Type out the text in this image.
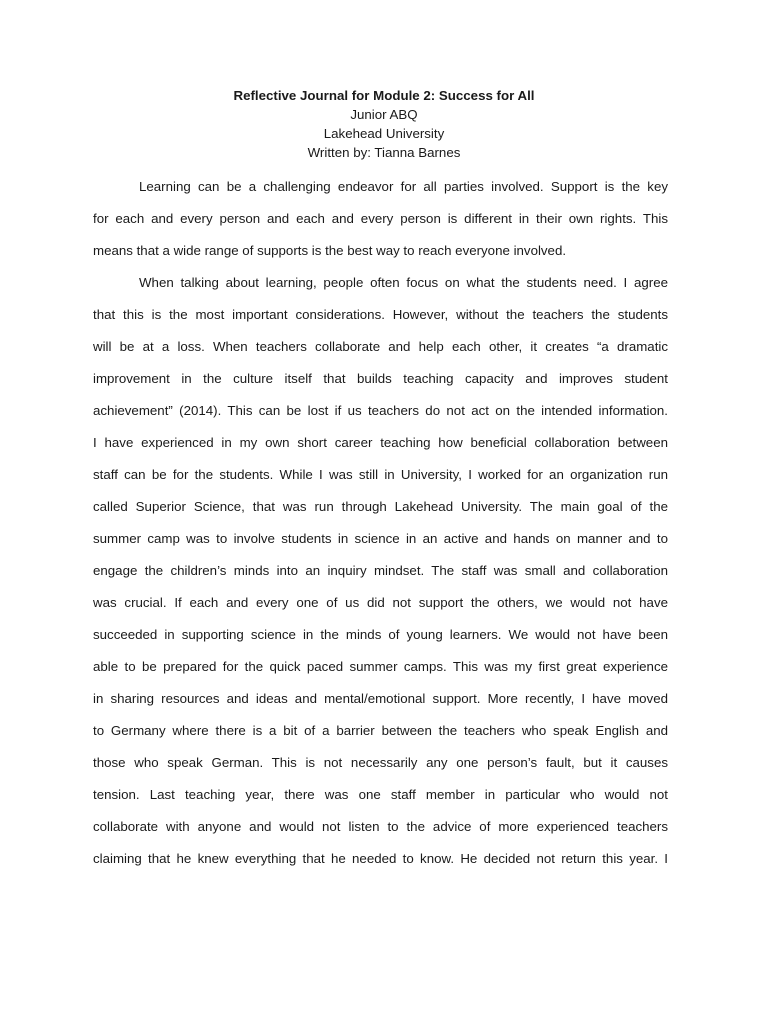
Reflective Journal for Module 2: Success for All
Junior ABQ
Lakehead University
Written by: Tianna Barnes
Learning can be a challenging endeavor for all parties involved. Support is the key
for each and every person and each and every person is different in their own rights. This
means that a wide range of supports is the best way to reach everyone involved.
When talking about learning, people often focus on what the students need. I agree
that this is the most important considerations. However, without the teachers the students
will be at a loss. When teachers collaborate and help each other, it creates “a dramatic
improvement in the culture itself that builds teaching capacity and improves student
achievement” (2014). This can be lost if us teachers do not act on the intended information.
I have experienced in my own short career teaching how beneficial collaboration between
staff can be for the students. While I was still in University, I worked for an organization run
called Superior Science, that was run through Lakehead University. The main goal of the
summer camp was to involve students in science in an active and hands on manner and to
engage the children’s minds into an inquiry mindset. The staff was small and collaboration
was crucial. If each and every one of us did not support the others, we would not have
succeeded in supporting science in the minds of young learners. We would not have been
able to be prepared for the quick paced summer camps. This was my first great experience
in sharing resources and ideas and mental/emotional support. More recently, I have moved
to Germany where there is a bit of a barrier between the teachers who speak English and
those who speak German. This is not necessarily any one person’s fault, but it causes
tension. Last teaching year, there was one staff member in particular who would not
collaborate with anyone and would not listen to the advice of more experienced teachers
claiming that he knew everything that he needed to know. He decided not return this year. I
